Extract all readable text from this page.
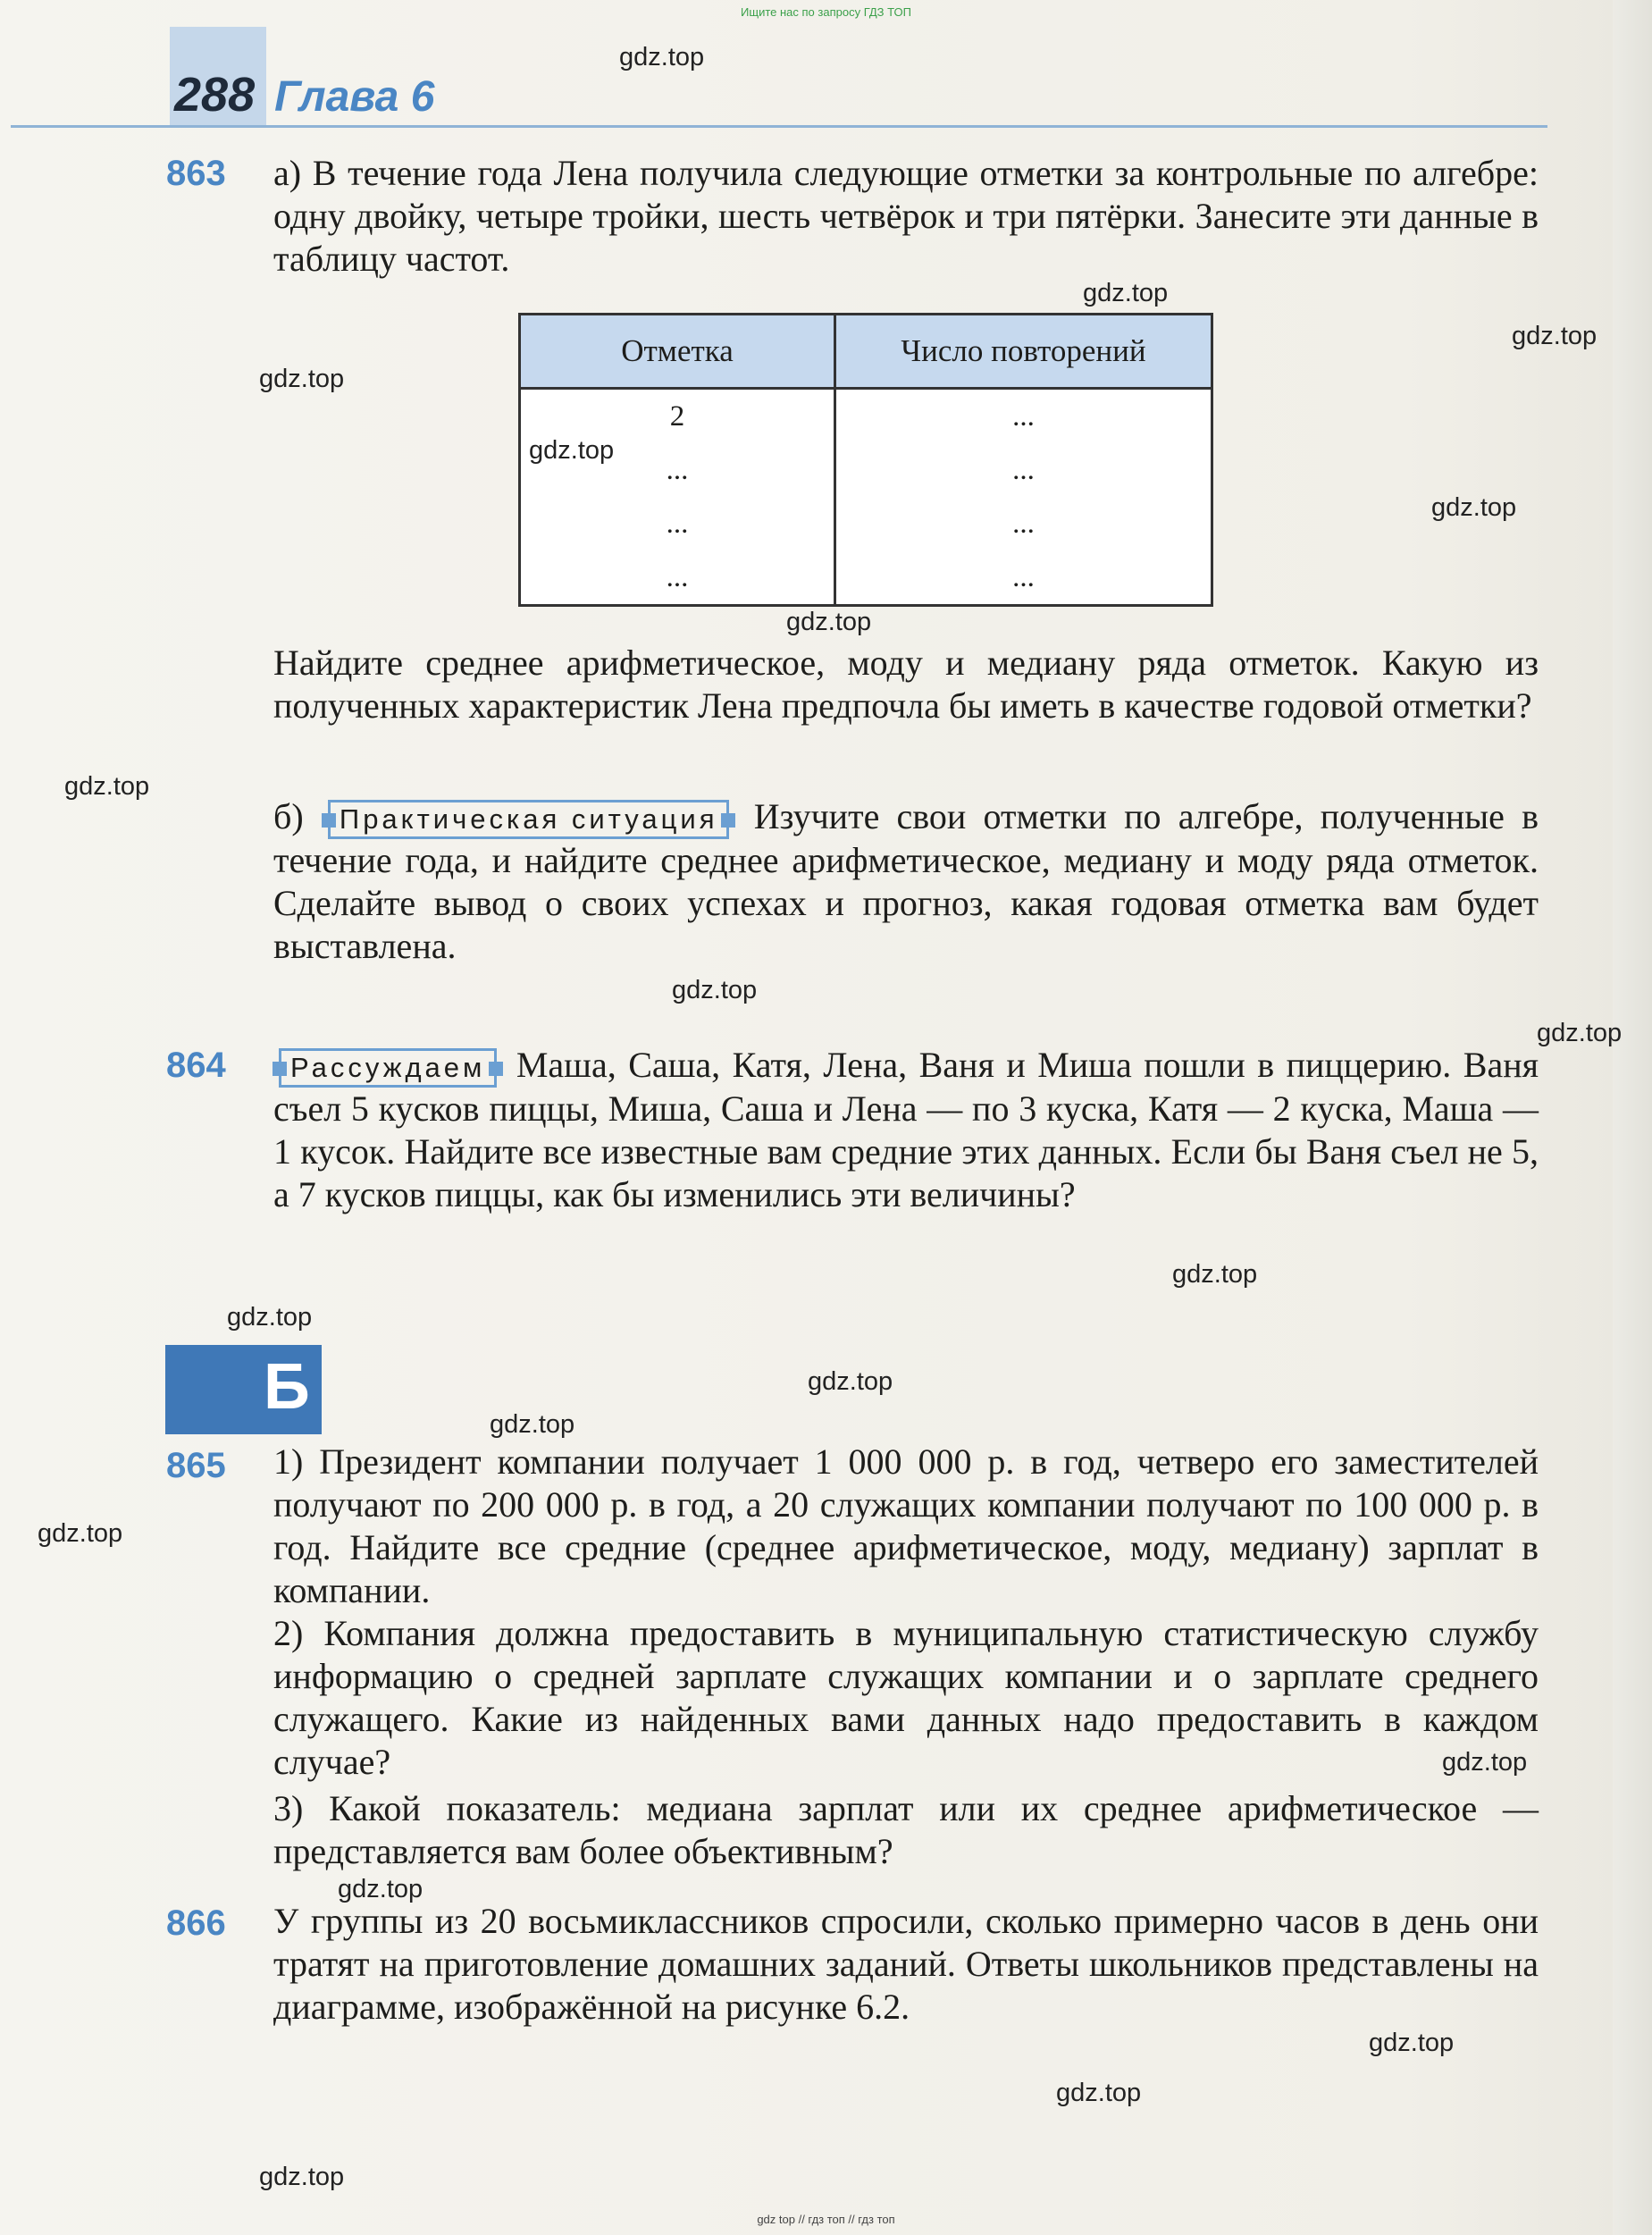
Ищите нас по запросу ГДЗ ТОП
288 Глава 6
863 а) В течение года Лена получила следующие отметки за контрольные по алгебре: одну двойку, четыре тройки, шесть четвёрок и три пятёрки. Занесите эти данные в таблицу частот.
Отметка	Число повторений
2	...
...	...
...	...
...	...
Найдите среднее арифметическое, моду и медиану ряда отметок. Какую из полученных характеристик Лена предпочла бы иметь в качестве годовой отметки?
б) Практическая ситуация Изучите свои отметки по алгебре, полученные в течение года, и найдите среднее арифметическое, медиану и моду ряда отметок. Сделайте вывод о своих успехах и прогноз, какая годовая отметка вам будет выставлена.
864	Рассуждаем Маша, Саша, Катя, Лена, Ваня и Миша пошли в пиццерию. Ваня съел 5 кусков пиццы, Миша, Саша и Лена — по 3 куска, Катя — 2 куска, Маша — 1 кусок. Найдите все известные вам средние этих данных. Если бы Ваня съел не 5, а 7 кусков пиццы, как бы изменились эти величины?
Б
865 1) Президент компании получает 1 000 000 р. в год, четверо его заместителей получают по 200 000 р. в год, а 20 служащих компании получают по 100 000 р. в год. Найдите все средние (среднее арифметическое, моду, медиану) зарплат в компании.
2) Компания должна предоставить в муниципальную статистическую службу информацию о средней зарплате служащих компании и о зарплате среднего служащего. Какие из найденных вами данных надо предоставить в каждом случае?
3) Какой показатель: медиана зарплат или их среднее арифметическое — представляется вам более объективным?
866 У группы из 20 восьмиклассников спросили, сколько примерно часов в день они тратят на приготовление домашних заданий. Ответы школьников представлены на диаграмме, изображённой на рисунке 6.2.
gdz.top
gdz.top
gdz.top
gdz.top
gdz.top
gdz.top
gdz.top
gdz.top
gdz.top
gdz.top
gdz.top
gdz.top
gdz.top
gdz.top
gdz.top
gdz.top
gdz.top
gdz.top
gdz.top
gdz.top
gdz top // гдз топ // гдз топ
